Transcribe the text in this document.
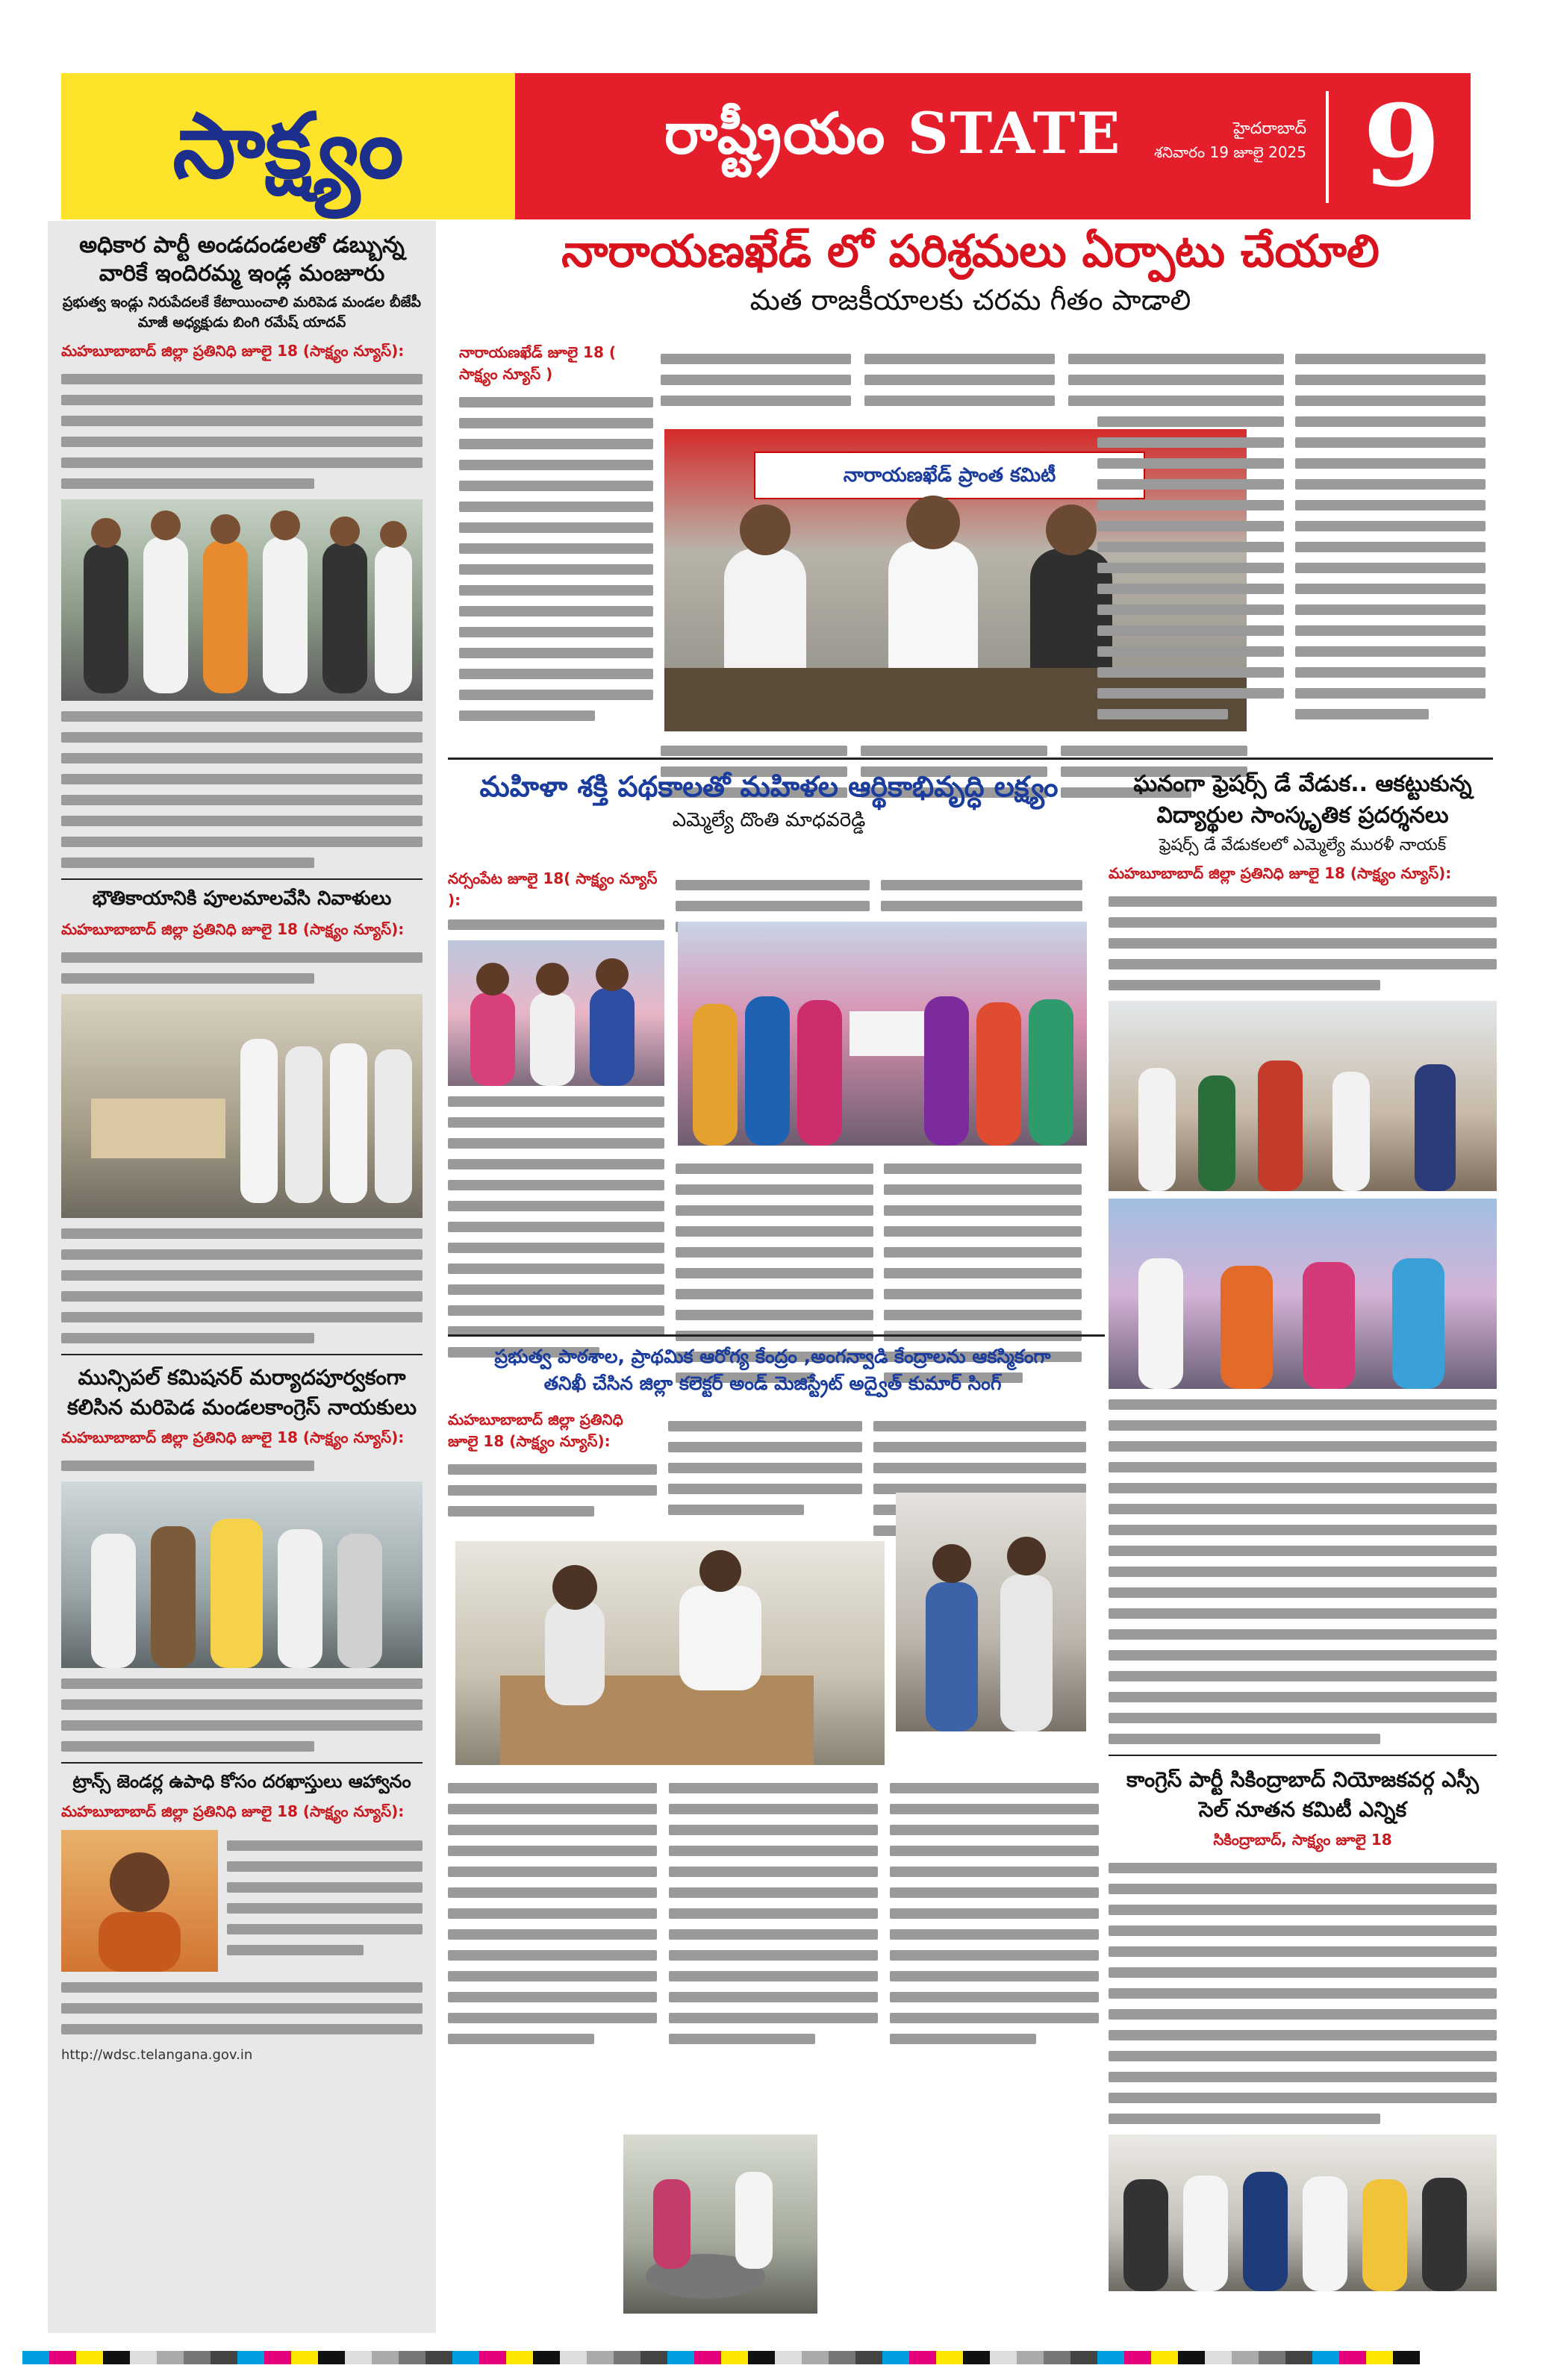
సాక్ష్యం	రాష్ట్రీయం STATE	హైదరాబాద్
శనివారం 19 జూలై 2025 9
అధికార పార్టీ అండదండలతో డబ్బున్న వారికే ఇందిరమ్మ ఇండ్ల మంజూరు
ప్రభుత్వ ఇండ్లు నిరుపేదలకే కేటాయించాలి మరిపెడ మండల బీజేపీ మాజీ అధ్యక్షుడు బింగి రమేష్ యాదవ్
మహబూబాబాద్ జిల్లా ప్రతినిధి జూలై 18 (సాక్ష్యం న్యూస్):
భౌతికాయానికి పూలమాలవేసి నివాళులు
మహబూబాబాద్ జిల్లా ప్రతినిధి జూలై 18 (సాక్ష్యం న్యూస్):
మున్సిపల్ కమిషనర్ మర్యాదపూర్వకంగా కలిసిన మరిపెడ మండలకాంగ్రెస్ నాయకులు
మహబూబాబాద్ జిల్లా ప్రతినిధి జూలై 18 (సాక్ష్యం న్యూస్):
ట్రాన్స్ జెండర్ల ఉపాధి కోసం దరఖాస్తులు ఆహ్వానం
మహబూబాబాద్ జిల్లా ప్రతినిధి జూలై 18 (సాక్ష్యం న్యూస్):
http://wdsc.telangana.gov.in
నారాయణఖేడ్ లో పరిశ్రమలు ఏర్పాటు చేయాలి
మత రాజకీయాలకు చరమ గీతం పాడాలి
నారాయణఖేడ్ జూలై 18 ( సాక్ష్యం న్యూస్ )
నారాయణఖేడ్ ప్రాంత కమిటీ
మహిళా శక్తి పథకాలతో మహిళల ఆర్థికాభివృద్ధి లక్ష్యం
ఎమ్మెల్యే దొంతి మాధవరెడ్డి
నర్సంపేట జూలై 18( సాక్ష్యం న్యూస్ ):
ఘనంగా ఫ్రెషర్స్ డే వేడుక.. ఆకట్టుకున్న విద్యార్థుల సాంస్కృతిక ప్రదర్శనలు
ఫ్రెషర్స్ డే వేడుకలలో ఎమ్మెల్యే మురళీ నాయక్
మహబూబాబాద్ జిల్లా ప్రతినిధి జూలై 18 (సాక్ష్యం న్యూస్):
కాంగ్రెస్ పార్టీ సికింద్రాబాద్ నియోజకవర్గ ఎస్సీ సెల్ నూతన కమిటీ ఎన్నిక
సికింద్రాబాద్, సాక్ష్యం జూలై 18
ప్రభుత్వ పాఠశాల, ప్రాథమిక ఆరోగ్య కేంద్రం ,అంగన్వాడి కేంద్రాలను ఆకస్మికంగా
తనిఖీ చేసిన జిల్లా కలెక్టర్ అండ్ మెజిస్ట్రేట్ అద్వైత్ కుమార్ సింగ్
మహబూబాబాద్ జిల్లా ప్రతినిధి జూలై 18 (సాక్ష్యం న్యూస్):
